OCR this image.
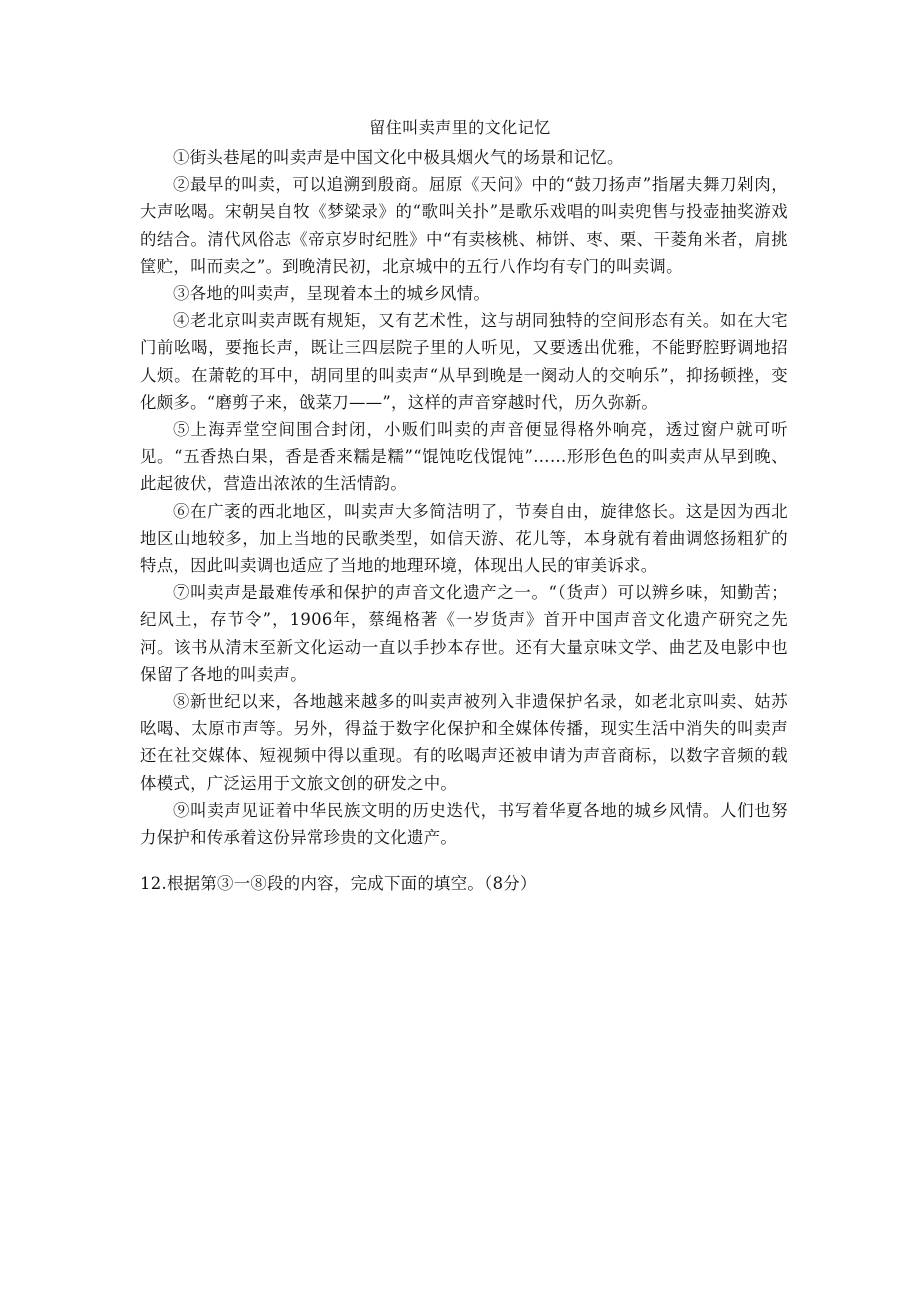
留住叫卖声里的文化记忆

①街头巷尾的叫卖声是中国文化中极具烟火气的场景和记忆。

②最早的叫卖，可以追溯到殷商。屈原《天问》中的“鼓刀扬声”指屠夫舞刀剁肉，大声吆喝。宋朝吴自牧《梦粱录》的“歌叫关扑”是歌乐戏唱的叫卖兜售与投壶抽奖游戏的结合。清代风俗志《帝京岁时纪胜》中“有卖核桃、柿饼、枣、栗、干菱角米者，肩挑筐贮，叫而卖之”。到晚清民初，北京城中的五行八作均有专门的叫卖调。

③各地的叫卖声，呈现着本土的城乡风情。

④老北京叫卖声既有规矩，又有艺术性，这与胡同独特的空间形态有关。如在大宅门前吆喝，要拖长声，既让三四层院子里的人听见，又要透出优雅，不能野腔野调地招人烦。在萧乾的耳中，胡同里的叫卖声“从早到晚是一阕动人的交响乐”，抑扬顿挫，变化颇多。“磨剪子来，戗菜刀——”，这样的声音穿越时代，历久弥新。

⑤上海弄堂空间围合封闭，小贩们叫卖的声音便显得格外响亮，透过窗户就可听见。“五香热白果，香是香来糯是糯”“馄饨吃伐馄饨”……形形色色的叫卖声从早到晚、此起彼伏，营造出浓浓的生活情韵。

⑥在广袤的西北地区，叫卖声大多简洁明了，节奏自由，旋律悠长。这是因为西北地区山地较多，加上当地的民歌类型，如信天游、花儿等，本身就有着曲调悠扬粗犷的特点，因此叫卖调也适应了当地的地理环境，体现出人民的审美诉求。

⑦叫卖声是最难传承和保护的声音文化遗产之一。“（货声）可以辨乡味，知勤苦；纪风土，存节令”，1906年，蔡绳格著《一岁货声》首开中国声音文化遗产研究之先河。该书从清末至新文化运动一直以手抄本存世。还有大量京味文学、曲艺及电影中也保留了各地的叫卖声。

⑧新世纪以来，各地越来越多的叫卖声被列入非遗保护名录，如老北京叫卖、姑苏吆喝、太原市声等。另外，得益于数字化保护和全媒体传播，现实生活中消失的叫卖声还在社交媒体、短视频中得以重现。有的吆喝声还被申请为声音商标，以数字音频的载体模式，广泛运用于文旅文创的研发之中。

⑨叫卖声见证着中华民族文明的历史迭代，书写着华夏各地的城乡风情。人们也努力保护和传承着这份异常珍贵的文化遗产。

12.根据第③一⑧段的内容，完成下面的填空。（8分）
